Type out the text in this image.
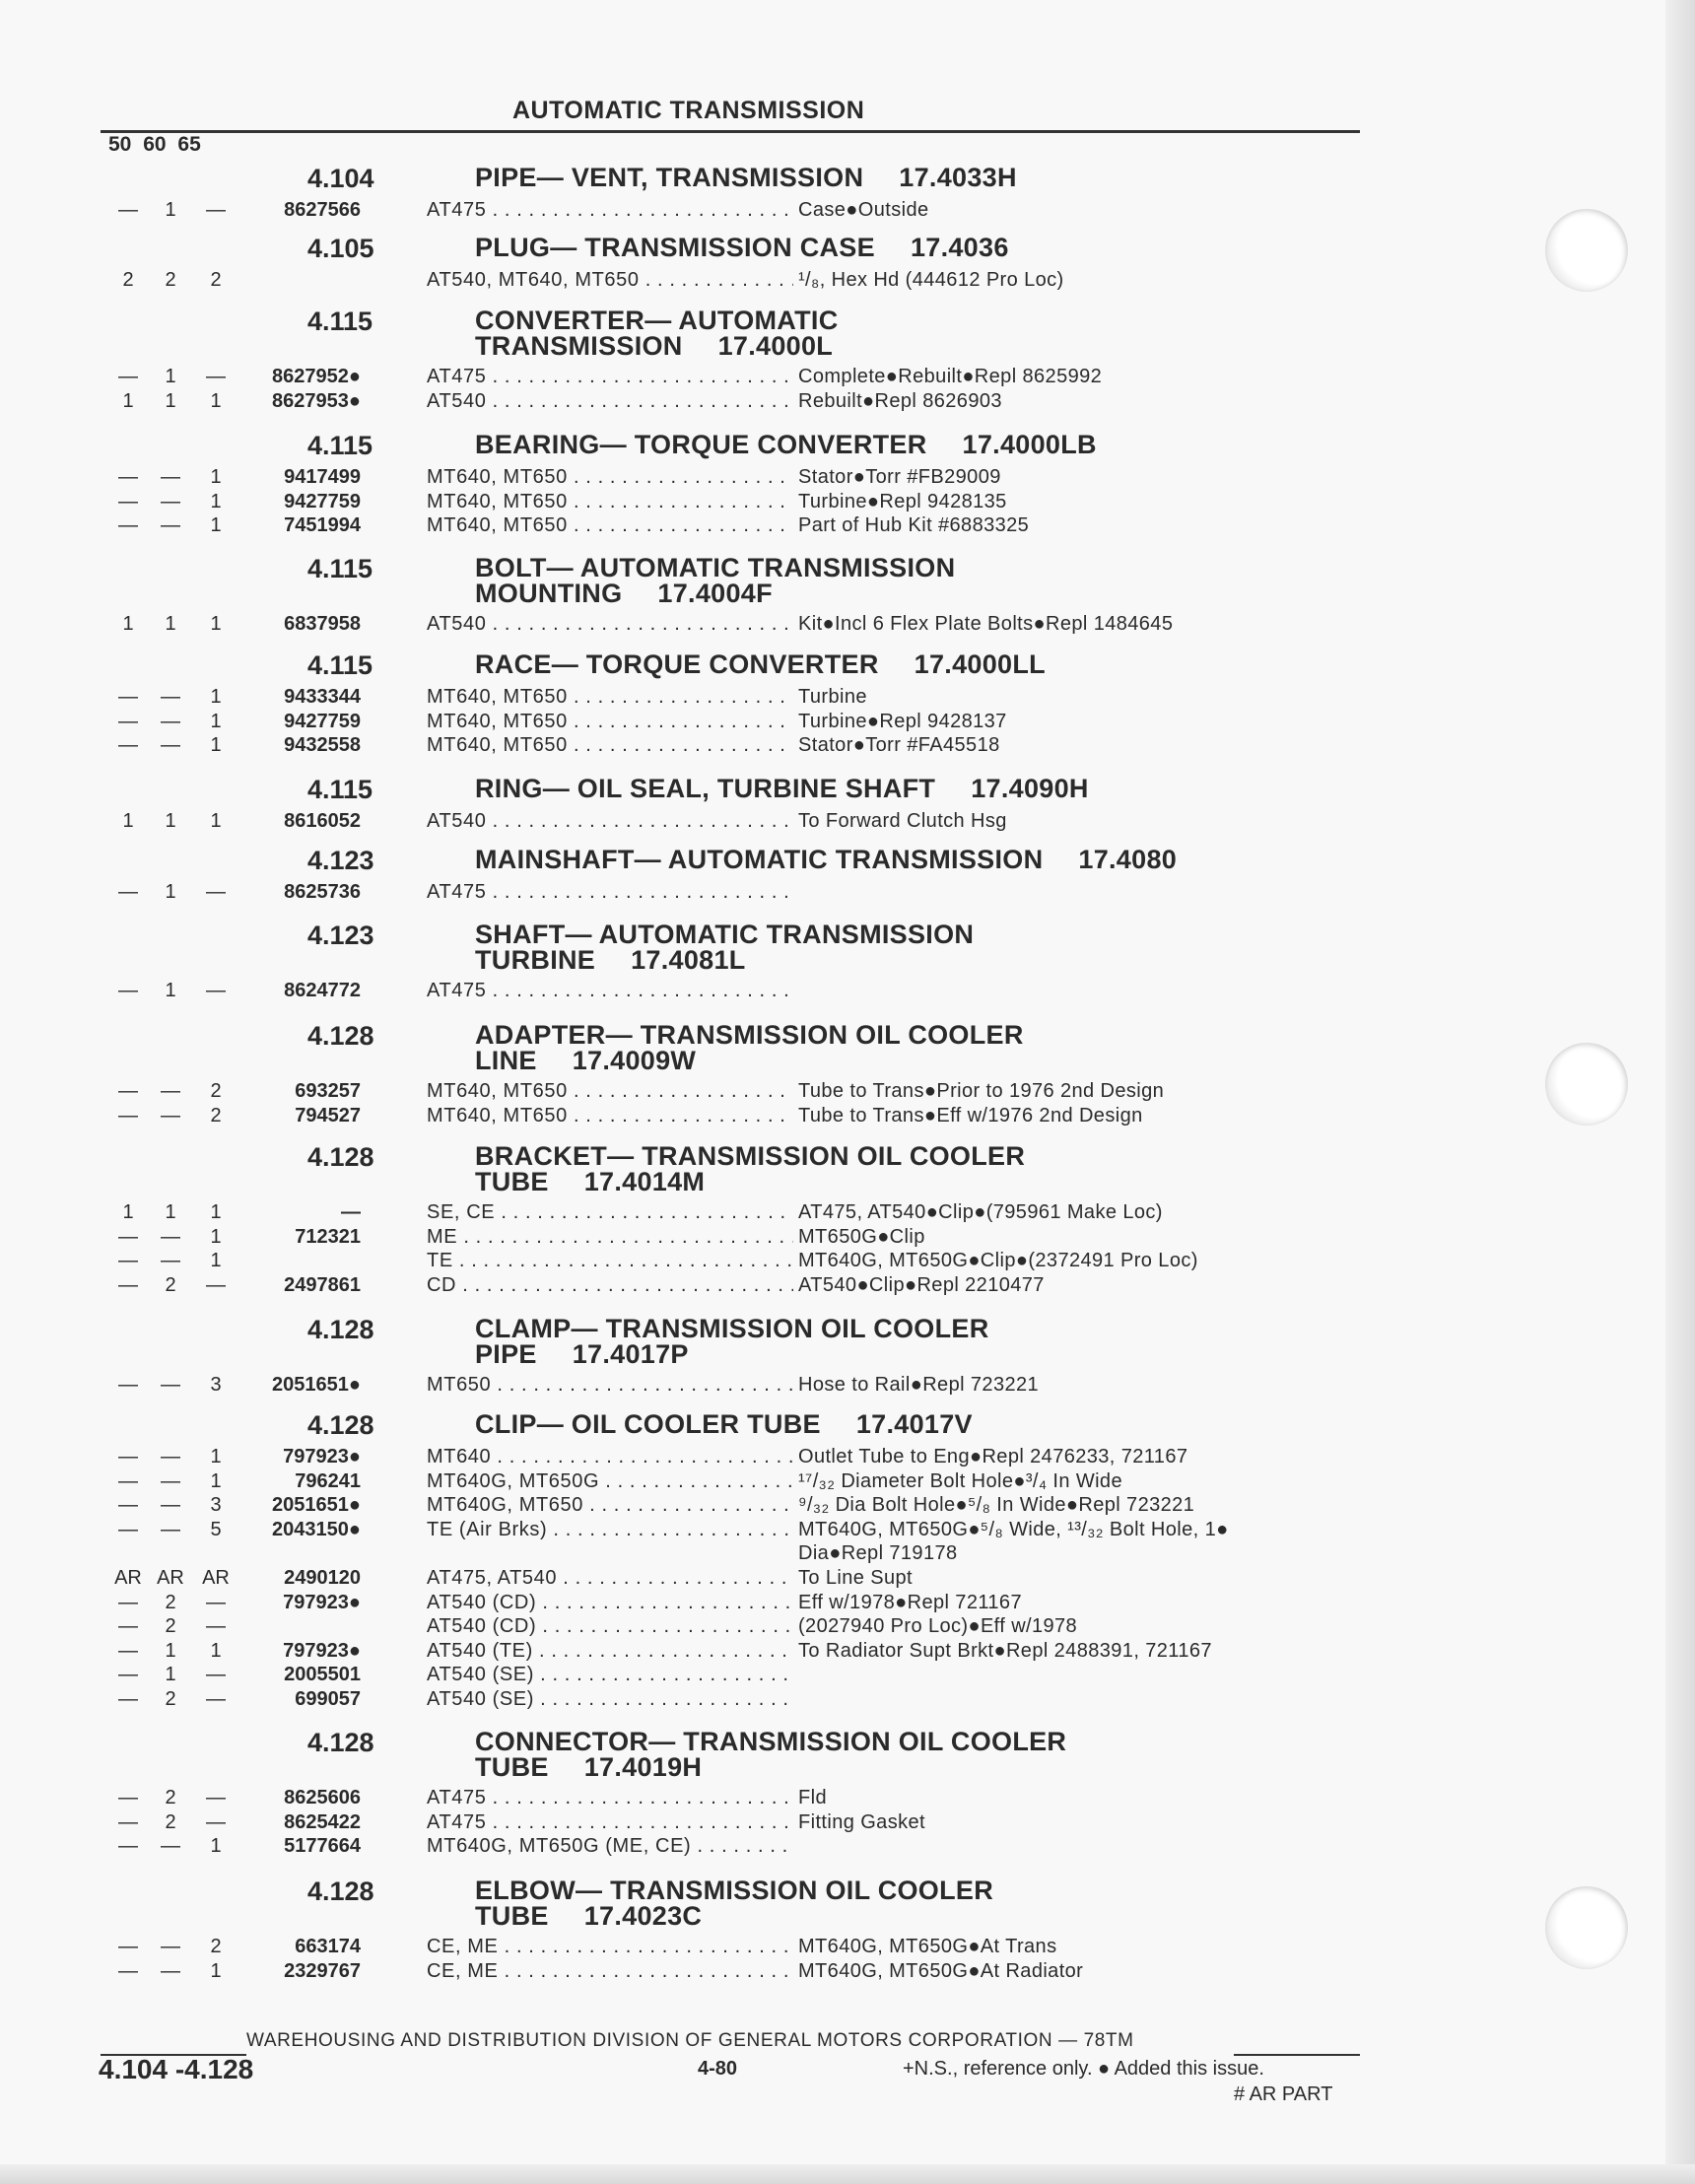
AUTOMATIC TRANSMISSION
50 60 65
4.104	PIPE— VENT, TRANSMISSION 17.4033H
—	1	—	8627566	AT475 . . .	Case●Outside
4.105	PLUG— TRANSMISSION CASE 17.4036
2	2	2	AT540, MT640, MT650 . . .	¹/₈, Hex Hd (444612 Pro Loc)
4.115	CONVERTER— AUTOMATIC
TRANSMISSION 17.4000L
—	1	—	8627952●	AT475 . . .	Complete●Rebuilt●Repl 8625992
1	1	1	8627953●	AT540 . . .	Rebuilt●Repl 8626903
4.115	BEARING— TORQUE CONVERTER 17.4000LB
—	—	1	9417499	MT640, MT650 . . .	Stator●Torr #FB29009
—	—	1	9427759	MT640, MT650 . . .	Turbine●Repl 9428135
—	—	1	7451994	MT640, MT650 . . .	Part of Hub Kit #6883325
4.115	BOLT— AUTOMATIC TRANSMISSION
MOUNTING 17.4004F
1	1	1	6837958	AT540 . . .	Kit●Incl 6 Flex Plate Bolts●Repl 1484645
4.115	RACE— TORQUE CONVERTER 17.4000LL
—	—	1	9433344	MT640, MT650 . . .	Turbine
—	—	1	9427759	MT640, MT650 . . .	Turbine●Repl 9428137
—	—	1	9432558	MT640, MT650 . . .	Stator●Torr #FA45518
4.115	RING— OIL SEAL, TURBINE SHAFT 17.4090H
1	1	1	8616052	AT540 . . .	To Forward Clutch Hsg
4.123	MAINSHAFT— AUTOMATIC TRANSMISSION 17.4080
—	1	—	8625736	AT475 . . .
4.123	SHAFT— AUTOMATIC TRANSMISSION
TURBINE 17.4081L
—	1	—	8624772	AT475 . . .
4.128	ADAPTER— TRANSMISSION OIL COOLER
LINE 17.4009W
—	—	2	693257	MT640, MT650 . . .	Tube to Trans●Prior to 1976 2nd Design
—	—	2	794527	MT640, MT650 . . .	Tube to Trans●Eff w/1976 2nd Design
4.128	BRACKET— TRANSMISSION OIL COOLER
TUBE 17.4014M
1	1	1	—	SE, CE . . .	AT475, AT540●Clip●(795961 Make Loc)
—	—	1	712321	ME . . .	MT650G●Clip
—	—	1	TE . . .	MT640G, MT650G●Clip●(2372491 Pro Loc)
—	2	—	2497861	CD . . .	AT540●Clip●Repl 2210477
4.128	CLAMP— TRANSMISSION OIL COOLER
PIPE 17.4017P
—	—	3	2051651●	MT650 . . .	Hose to Rail●Repl 723221
4.128	CLIP— OIL COOLER TUBE 17.4017V
—	—	1	797923●	MT640 . . .	Outlet Tube to Eng●Repl 2476233, 721167
—	—	1	796241	MT640G, MT650G . . .	¹⁷/₃₂ Diameter Bolt Hole●³/₄ In Wide
—	—	3	2051651●	MT640G, MT650 . . .	⁹/₃₂ Dia Bolt Hole●⁵/₈ In Wide●Repl 723221
—	—	5	2043150●	TE (Air Brks) . . .	MT640G, MT650G●⁵/₈ Wide, ¹³/₃₂ Bolt Hole, 1●
Dia●Repl 719178
AR AR AR	2490120	AT475, AT540 . . .	To Line Supt
—	2	—	797923●	AT540 (CD) . . .	Eff w/1978●Repl 721167
—	2	—	AT540 (CD) . . .	(2027940 Pro Loc)●Eff w/1978
—	1	1	797923●	AT540 (TE) . . .	To Radiator Supt Brkt●Repl 2488391, 721167
—	1	—	2005501	AT540 (SE) . . .
—	2	—	699057	AT540 (SE) . . .
4.128	CONNECTOR— TRANSMISSION OIL COOLER
TUBE 17.4019H
—	2	—	8625606	AT475 . . .	Fld
—	2	—	8625422	AT475 . . .	Fitting Gasket
—	—	1	5177664	MT640G, MT650G (ME, CE) . . .
4.128	ELBOW— TRANSMISSION OIL COOLER
TUBE 17.4023C
—	—	2	663174	CE, ME . . .	MT640G, MT650G●At Trans
—	—	1	2329767	CE, ME . . .	MT640G, MT650G●At Radiator
WAREHOUSING AND DISTRIBUTION DIVISION OF GENERAL MOTORS CORPORATION — 78TM
4.104 -4.128	4-80	+N.S., reference only. ● Added this issue.
# AR PART
